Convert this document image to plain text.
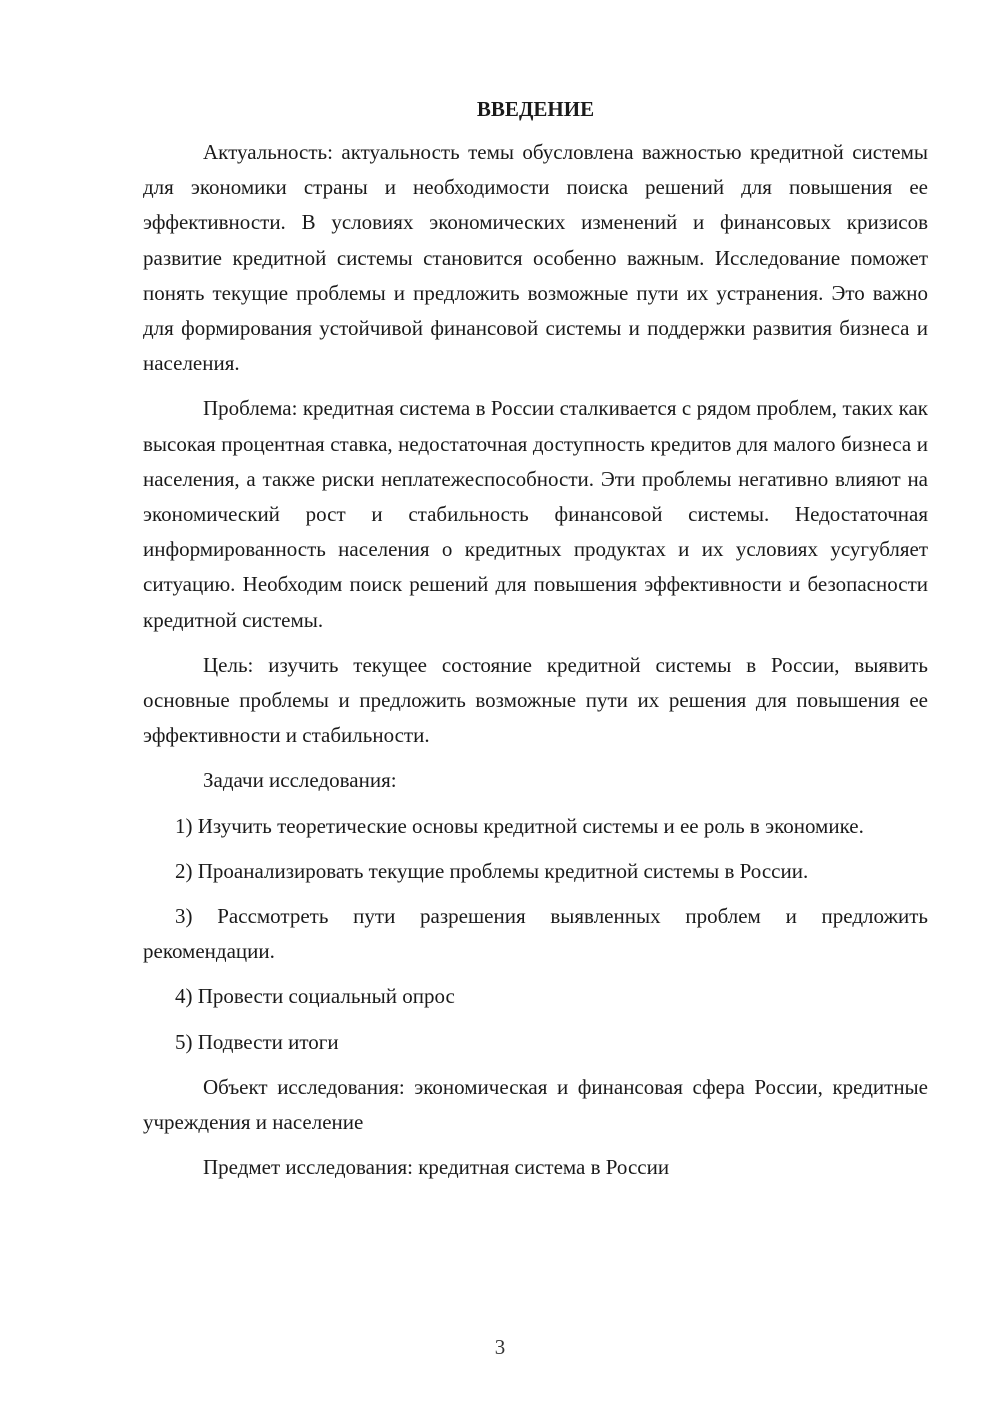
ВВЕДЕНИЕ

Актуальность: актуальность темы обусловлена важностью кредитной системы для экономики страны и необходимости поиска решений для повышения ее эффективности. В условиях экономических изменений и финансовых кризисов развитие кредитной системы становится особенно важным. Исследование поможет понять текущие проблемы и предложить возможные пути их устранения. Это важно для формирования устойчивой финансовой системы и поддержки развития бизнеса и населения.

Проблема: кредитная система в России сталкивается с рядом проблем, таких как высокая процентная ставка, недостаточная доступность кредитов для малого бизнеса и населения, а также риски неплатежеспособности. Эти проблемы негативно влияют на экономический рост и стабильность финансовой системы. Недостаточная информированность населения о кредитных продуктах и их условиях усугубляет ситуацию. Необходим поиск решений для повышения эффективности и безопасности кредитной системы.

Цель: изучить текущее состояние кредитной системы в России, выявить основные проблемы и предложить возможные пути их решения для повышения ее эффективности и стабильности.

Задачи исследования:

1) Изучить теоретические основы кредитной системы и ее роль в экономике.

2) Проанализировать текущие проблемы кредитной системы в России.

3) Рассмотреть пути разрешения выявленных проблем и предложить рекомендации.

4) Провести социальный опрос

5) Подвести итоги

Объект исследования: экономическая и финансовая сфера России, кредитные учреждения и население

Предмет исследования: кредитная система в России

3
